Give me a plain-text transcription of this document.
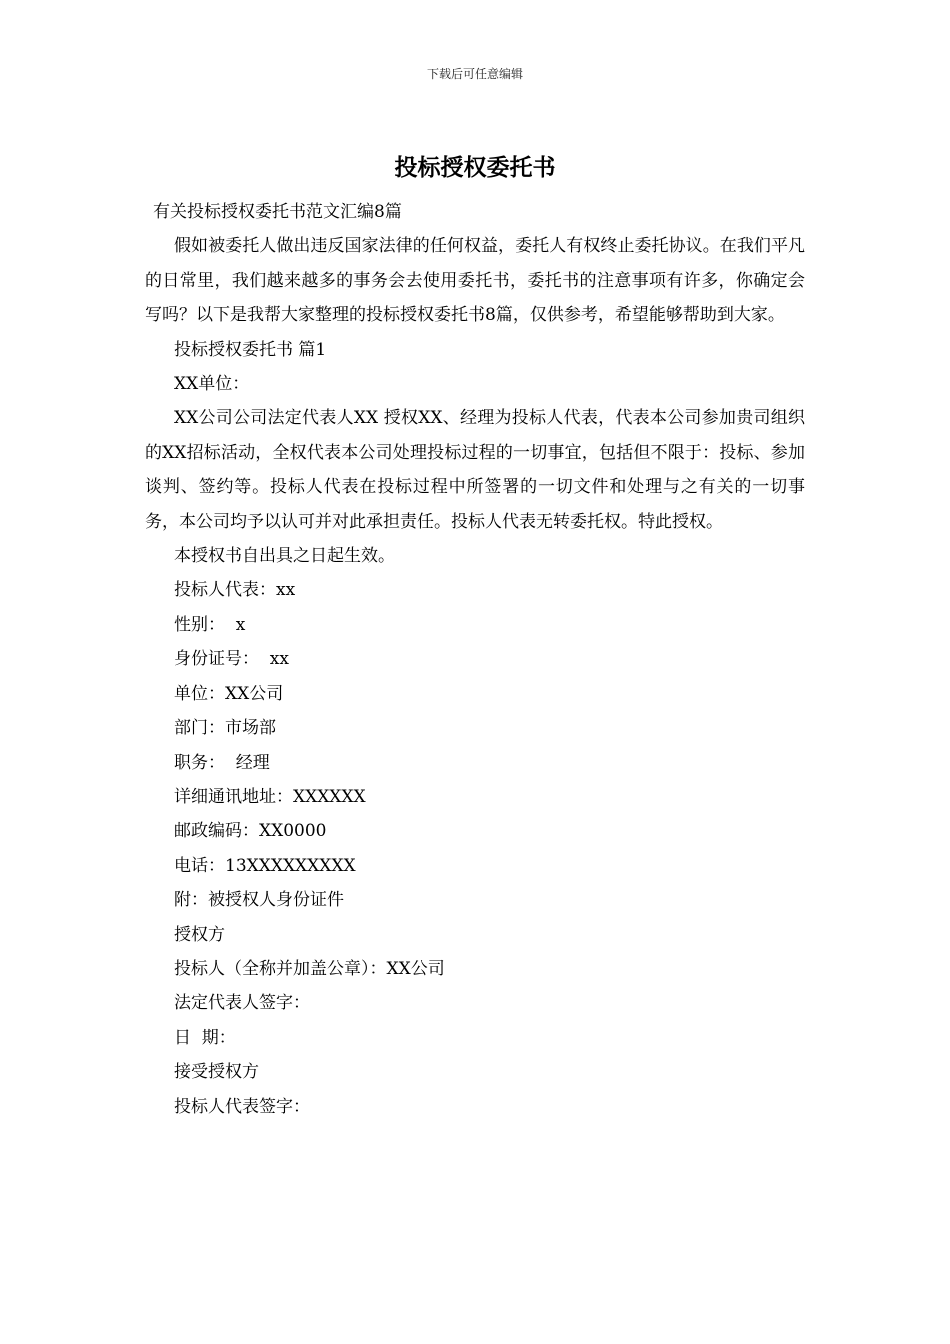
下载后可任意编辑
投标授权委托书

有关投标授权委托书范文汇编8篇

假如被委托人做出违反国家法律的任何权益，委托人有权终止委托协议。在我们平凡的日常里，我们越来越多的事务会去使用委托书，委托书的注意事项有许多，你确定会写吗？以下是我帮大家整理的投标授权委托书8篇，仅供参考，希望能够帮助到大家。

投标授权委托书 篇1

XX单位：

XX公司公司法定代表人XX 授权XX、经理为投标人代表，代表本公司参加贵司组织的XX招标活动，全权代表本公司处理投标过程的一切事宜，包括但不限于：投标、参加谈判、签约等。投标人代表在投标过程中所签署的一切文件和处理与之有关的一切事务，本公司均予以认可并对此承担责任。投标人代表无转委托权。特此授权。

本授权书自出具之日起生效。

投标人代表：xx

性别：  x

身份证号：  xx

单位：XX公司

部门：市场部

职务：  经理

详细通讯地址：XXXXXX

邮政编码：XX0000

电话：13XXXXXXXXX

附：被授权人身份证件

授权方

投标人（全称并加盖公章）：XX公司

法定代表人签字：

日  期：

接受授权方

投标人代表签字：
